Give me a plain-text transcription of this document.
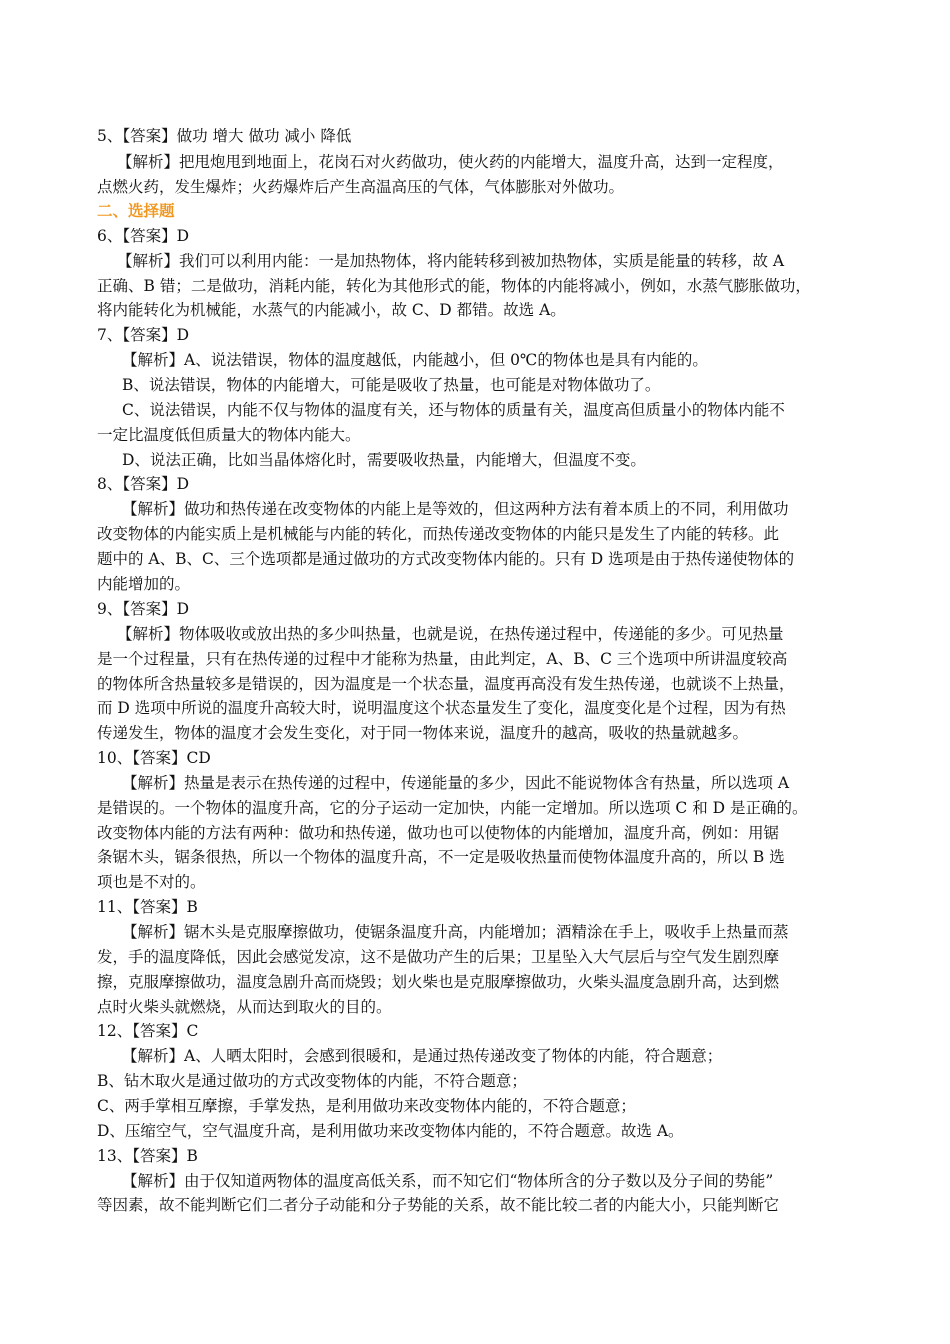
5、【答案】做功 增大 做功 减小 降低
【解析】把甩炮甩到地面上，花岗石对火药做功，使火药的内能增大，温度升高，达到一定程度，
点燃火药，发生爆炸；火药爆炸后产生高温高压的气体，气体膨胀对外做功。
二、选择题
6、【答案】D
【解析】我们可以利用内能：一是加热物体，将内能转移到被加热物体，实质是能量的转移，故 A
正确、B 错；二是做功，消耗内能，转化为其他形式的能，物体的内能将减小，例如，水蒸气膨胀做功，
将内能转化为机械能，水蒸气的内能减小，故 C、D 都错。故选 A。
7、【答案】D
【解析】A、说法错误，物体的温度越低，内能越小，但 0℃的物体也是具有内能的。
B、说法错误，物体的内能增大，可能是吸收了热量，也可能是对物体做功了。
C、说法错误，内能不仅与物体的温度有关，还与物体的质量有关，温度高但质量小的物体内能不
一定比温度低但质量大的物体内能大。
D、说法正确，比如当晶体熔化时，需要吸收热量，内能增大，但温度不变。
8、【答案】D
【解析】做功和热传递在改变物体的内能上是等效的，但这两种方法有着本质上的不同，利用做功
改变物体的内能实质上是机械能与内能的转化，而热传递改变物体的内能只是发生了内能的转移。此
题中的 A、B、C、三个选项都是通过做功的方式改变物体内能的。只有 D 选项是由于热传递使物体的
内能增加的。
9、【答案】D
【解析】物体吸收或放出热的多少叫热量，也就是说，在热传递过程中，传递能的多少。可见热量
是一个过程量，只有在热传递的过程中才能称为热量，由此判定，A、B、C 三个选项中所讲温度较高
的物体所含热量较多是错误的，因为温度是一个状态量，温度再高没有发生热传递，也就谈不上热量，
而 D 选项中所说的温度升高较大时，说明温度这个状态量发生了变化，温度变化是个过程，因为有热
传递发生，物体的温度才会发生变化，对于同一物体来说，温度升的越高，吸收的热量就越多。
10、【答案】CD
【解析】热量是表示在热传递的过程中，传递能量的多少，因此不能说物体含有热量，所以选项 A
是错误的。一个物体的温度升高，它的分子运动一定加快，内能一定增加。所以选项 C 和 D 是正确的。
改变物体内能的方法有两种：做功和热传递，做功也可以使物体的内能增加，温度升高，例如：用锯
条锯木头，锯条很热，所以一个物体的温度升高，不一定是吸收热量而使物体温度升高的，所以 B 选
项也是不对的。
11、【答案】B
【解析】锯木头是克服摩擦做功，使锯条温度升高，内能增加；酒精涂在手上，吸收手上热量而蒸
发，手的温度降低，因此会感觉发凉，这不是做功产生的后果；卫星坠入大气层后与空气发生剧烈摩
擦，克服摩擦做功，温度急剧升高而烧毁；划火柴也是克服摩擦做功，火柴头温度急剧升高，达到燃
点时火柴头就燃烧，从而达到取火的目的。
12、【答案】C
【解析】A、人晒太阳时，会感到很暖和，是通过热传递改变了物体的内能，符合题意；
B、钻木取火是通过做功的方式改变物体的内能，不符合题意；
C、两手掌相互摩擦，手掌发热，是利用做功来改变物体内能的，不符合题意；
D、压缩空气，空气温度升高，是利用做功来改变物体内能的，不符合题意。故选 A。
13、【答案】B
【解析】由于仅知道两物体的温度高低关系，而不知它们“物体所含的分子数以及分子间的势能”
等因素，故不能判断它们二者分子动能和分子势能的关系，故不能比较二者的内能大小，只能判断它
